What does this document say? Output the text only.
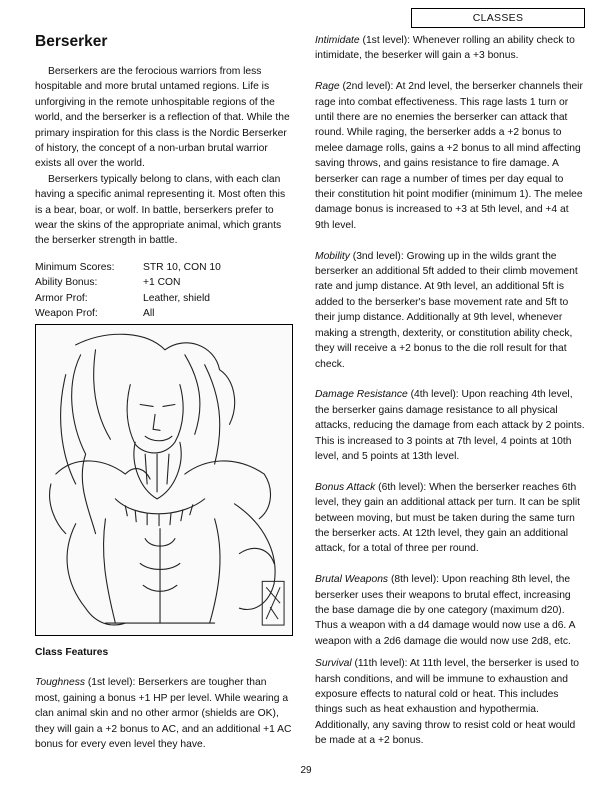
CLASSES
Berserker

Berserkers are the ferocious warriors from less hospitable and more brutal untamed regions. Life is unforgiving in the remote unhospitable regions of the world, and the berserker is a reflection of that. While the primary inspiration for this class is the Nordic Berserker of history, the concept of a non-urban brutal warrior exists all over the world.

Berserkers typically belong to clans, with each clan having a specific animal representing it. Most often this is a bear, boar, or wolf. In battle, berserkers prefer to wear the skins of the appropriate animal, which grants the berserker strength in battle.

Minimum Scores:	STR 10, CON 10
Ability Bonus:	+1 CON
Armor Prof:	Leather, shield
Weapon Prof:	All
Class Features

Toughness (1st level): Berserkers are tougher than most, gaining a bonus +1 HP per level. While wearing a clan animal skin and no other armor (shields are OK), they will gain a +2 bonus to AC, and an additional +1 AC bonus for every even level they have.

Intimidate (1st level): Whenever rolling an ability check to intimidate, the beserker will gain a +3 bonus.

Rage (2nd level): At 2nd level, the berserker channels their rage into combat effectiveness. This rage lasts 1 turn or until there are no enemies the berserker can attack that round. While raging, the berserker adds a +2 bonus to melee damage rolls, gains a +2 bonus to all mind affecting saving throws, and gains resistance to fire damage. A berserker can rage a number of times per day equal to their constitution hit point modifier (minimum 1). The melee damage bonus is increased to +3 at 5th level, and +4 at 9th level.

Mobility (3nd level): Growing up in the wilds grant the berserker an additional 5ft added to their climb movement rate and jump distance. At 9th level, an additional 5ft is added to the berserker's base movement rate and 5ft to their jump distance. Additionally at 9th level, whenever making a strength, dexterity, or constitution ability check, they will receive a +2 bonus to the die roll result for that check.

Damage Resistance (4th level): Upon reaching 4th level, the berserker gains damage resistance to all physical attacks, reducing the damage from each attack by 2 points. This is increased to 3 points at 7th level, 4 points at 10th level, and 5 points at 13th level.

Bonus Attack (6th level): When the berserker reaches 6th level, they gain an additional attack per turn. It can be split between moving, but must be taken during the same turn the berserker acts. At 12th level, they gain an additional attack, for a total of three per round.

Brutal Weapons (8th level): Upon reaching 8th level, the berserker uses their weapons to brutal effect, increasing the base damage die by one category (maximum d20). Thus a weapon with a d4 damage would now use a d6. A weapon with a 2d6 damage die would now use 2d8, etc.

Survival (11th level): At 11th level, the berserker is used to harsh conditions, and will be immune to exhaustion and exposure effects to natural cold or heat. This includes things such as heat exhaustion and hypothermia. Additionally, any saving throw to resist cold or heat would be made at a +2 bonus.

29
